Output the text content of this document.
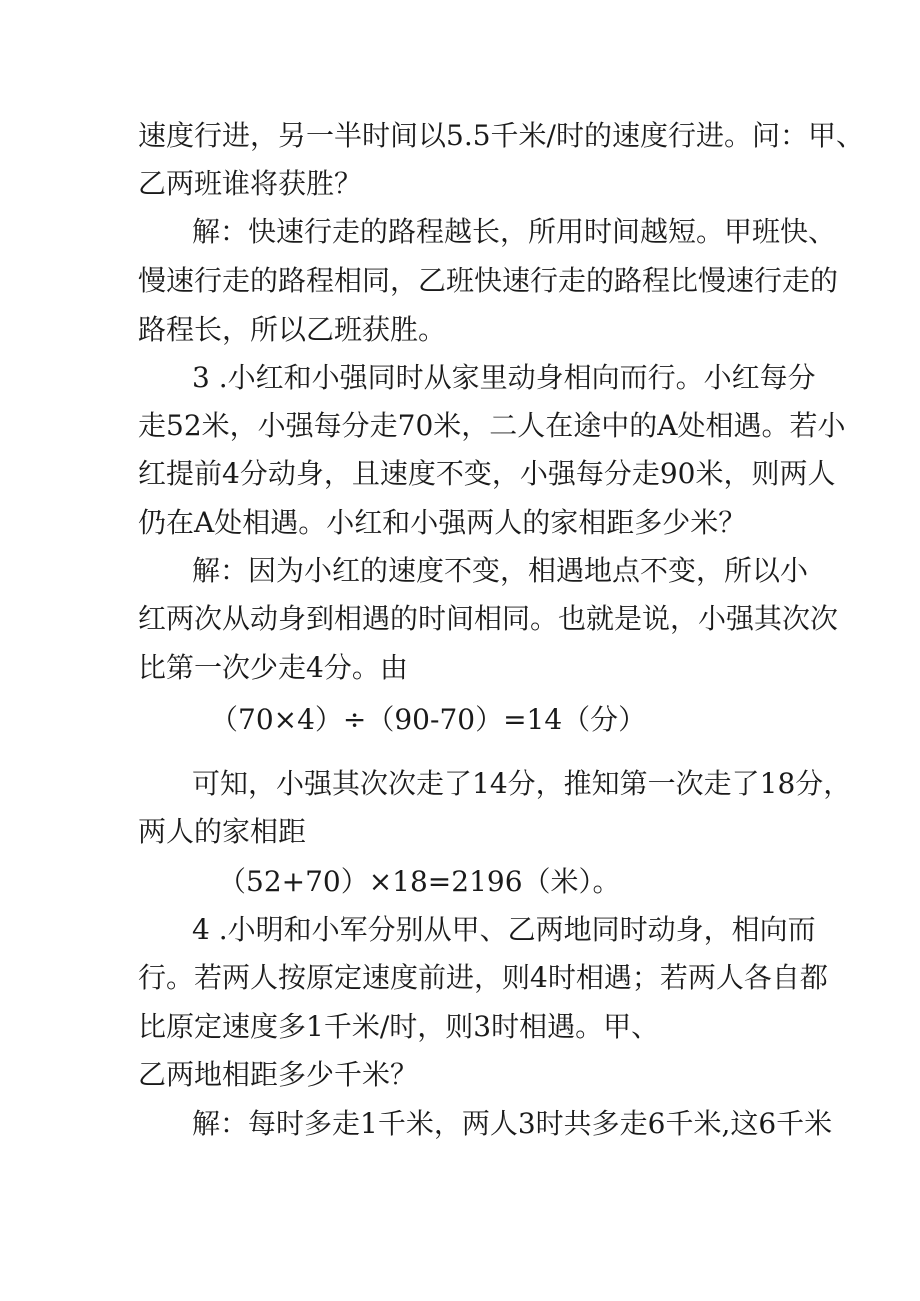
速度行进，另一半时间以5.5千米/时的速度行进。问：甲、
乙两班谁将获胜？
解：快速行走的路程越长，所用时间越短。甲班快、
慢速行走的路程相同，乙班快速行走的路程比慢速行走的
路程长，所以乙班获胜。
3 .小红和小强同时从家里动身相向而行。小红每分
走52米，小强每分走70米，二人在途中的A处相遇。若小
红提前4分动身，且速度不变，小强每分走90米，则两人
仍在A处相遇。小红和小强两人的家相距多少米？
解：因为小红的速度不变，相遇地点不变，所以小
红两次从动身到相遇的时间相同。也就是说，小强其次次
比第一次少走4分。由
（70×4）÷（90-70）=14（分）
可知，小强其次次走了14分，推知第一次走了18分，
两人的家相距
（52+70）×18=2196（米）。
4 .小明和小军分别从甲、乙两地同时动身，相向而
行。若两人按原定速度前进，则4时相遇；若两人各自都
比原定速度多1千米/时，则3时相遇。甲、
乙两地相距多少千米？
解：每时多走1千米，两人3时共多走6千米,这6千米
